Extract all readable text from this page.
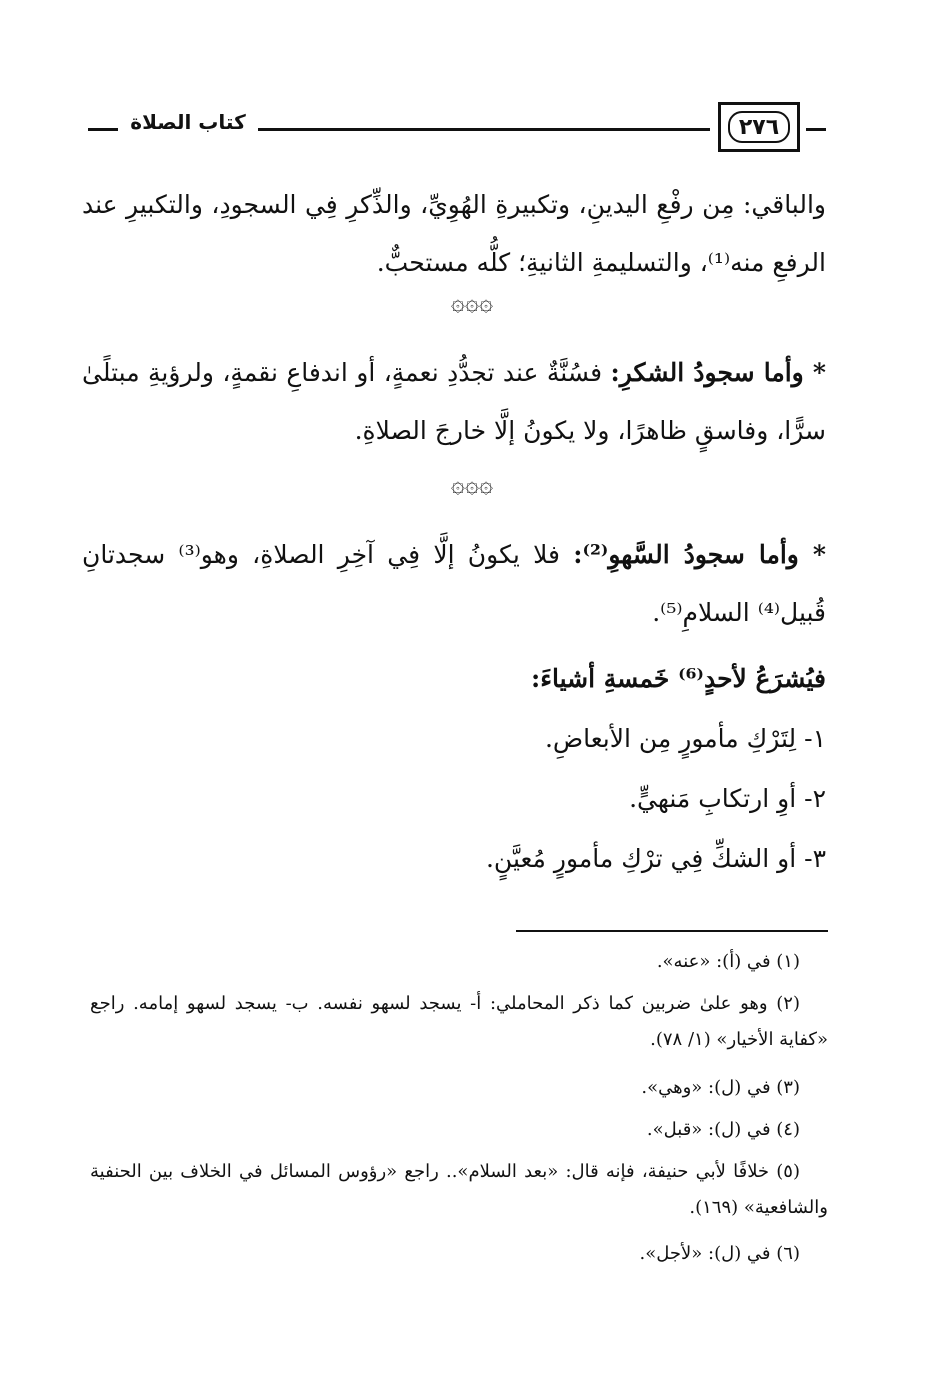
٢٧٦
كتاب الصلاة
والباقي: مِن رفْعِ اليدينِ، وتكبيرةِ الهُوِيِّ، والذِّكرِ فِي السجودِ، والتكبيرِ عند الرفعِ منه⁽¹⁾، والتسليمةِ الثانيةِ؛ كلُّه مستحبٌّ.
۞۞۞
* وأما سجودُ الشكرِ: فسُنَّةٌ عند تجدُّدِ نعمةٍ، أو اندفاعِ نقمةٍ، ولرؤيةِ مبتلًىٰ سرًّا، وفاسقٍ ظاهرًا، ولا يكونُ إلَّا خارجَ الصلاةِ.
۞۞۞
* وأما سجودُ السَّهوِ⁽²⁾: فلا يكونُ إلَّا فِي آخِرِ الصلاةِ، وهو⁽³⁾ سجدتانِ قُبيل⁽⁴⁾ السلامِ⁽⁵⁾.
فيُشرَعُ لأحدٍ⁽⁶⁾ خَمسةِ أشياءَ:
١- لِتَرْكِ مأمورٍ مِن الأبعاضِ.
٢- أوِ ارتكابِ مَنهيٍّ.
٣- أو الشكِّ فِي ترْكِ مأمورٍ مُعيَّنٍ.
(١) في (أ): «عنه».
(٢) وهو علىٰ ضربين كما ذكر المحاملي: أ- يسجد لسهو نفسه. ب- يسجد لسهو إمامه. راجع «كفاية الأخيار» (١/ ٧٨).
(٣) في (ل): «وهي».
(٤) في (ل): «قبل».
(٥) خلافًا لأبي حنيفة، فإنه قال: «بعد السلام».. راجع «رؤوس المسائل في الخلاف بين الحنفية والشافعية» (١٦٩).
(٦) في (ل): «لأجل».
